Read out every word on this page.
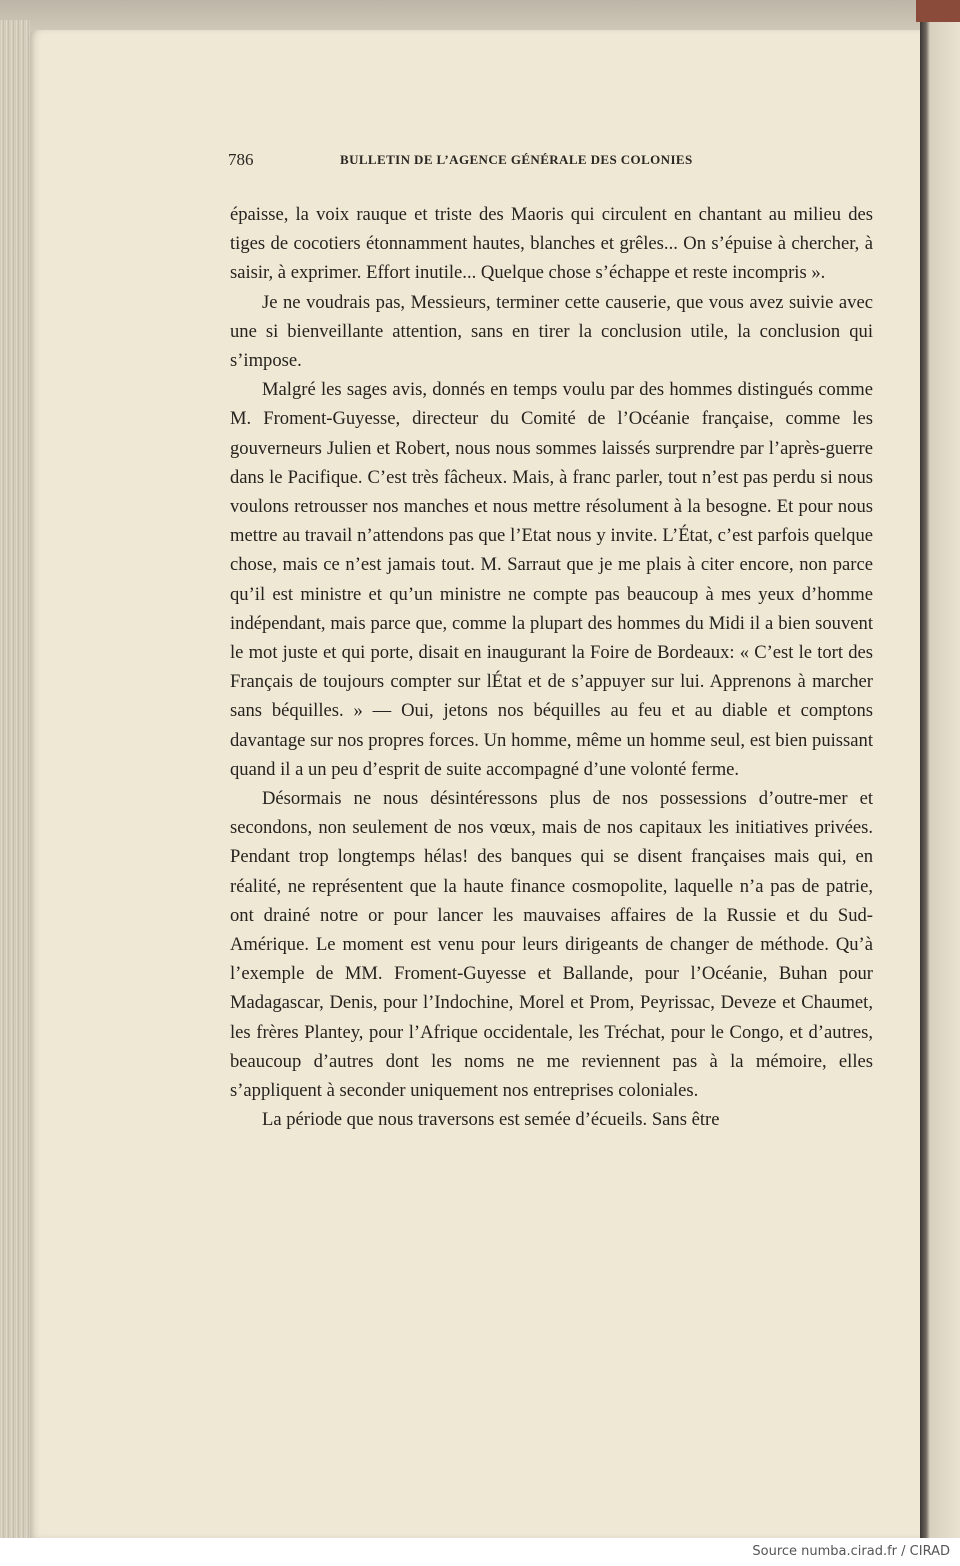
786	BULLETIN DE L’AGENCE GÉNÉRALE DES COLONIES

épaisse, la voix rauque et triste des Maoris qui circulent en chantant au milieu des tiges de cocotiers étonnamment hautes, blanches et grêles... On s’épuise à chercher, à saisir, à exprimer. Effort inutile... Quelque chose s’échappe et reste incompris ».

Je ne voudrais pas, Messieurs, terminer cette causerie, que vous avez suivie avec une si bienveillante attention, sans en tirer la conclusion utile, la conclusion qui s’impose.

Malgré les sages avis, donnés en temps voulu par des hommes distingués comme M. Froment-Guyesse, directeur du Comité de l’Océanie française, comme les gouverneurs Julien et Robert, nous nous sommes laissés surprendre par l’après-guerre dans le Pacifique. C’est très fâcheux. Mais, à franc parler, tout n’est pas perdu si nous voulons retrousser nos manches et nous mettre résolument à la besogne. Et pour nous mettre au travail n’attendons pas que l’Etat nous y invite. L’État, c’est parfois quelque chose, mais ce n’est jamais tout. M. Sarraut que je me plais à citer encore, non parce qu’il est ministre et qu’un ministre ne compte pas beaucoup à mes yeux d’homme indépendant, mais parce que, comme la plupart des hommes du Midi il a bien souvent le mot juste et qui porte, disait en inaugurant la Foire de Bordeaux: « C’est le tort des Français de toujours compter sur lÉtat et de s’appuyer sur lui. Apprenons à marcher sans béquilles. » — Oui, jetons nos béquilles au feu et au diable et comptons davantage sur nos propres forces. Un homme, même un homme seul, est bien puissant quand il a un peu d’esprit de suite accompagné d’une volonté ferme.

Désormais ne nous désintéressons plus de nos possessions d’outre-mer et secondons, non seulement de nos vœux, mais de nos capitaux les initiatives privées. Pendant trop longtemps hélas! des banques qui se disent françaises mais qui, en réalité, ne représentent que la haute finance cosmopolite, laquelle n’a pas de patrie, ont drainé notre or pour lancer les mauvaises affaires de la Russie et du Sud-Amérique. Le moment est venu pour leurs dirigeants de changer de méthode. Qu’à l’exemple de MM. Froment-Guyesse et Ballande, pour l’Océanie, Buhan pour Madagascar, Denis, pour l’Indochine, Morel et Prom, Peyrissac, Deveze et Chaumet, les frères Plantey, pour l’Afrique occidentale, les Tréchat, pour le Congo, et d’autres, beaucoup d’autres dont les noms ne me reviennent pas à la mémoire, elles s’appliquent à seconder uniquement nos entreprises coloniales.

La période que nous traversons est semée d’écueils. Sans être

Source numba.cirad.fr / CIRAD
